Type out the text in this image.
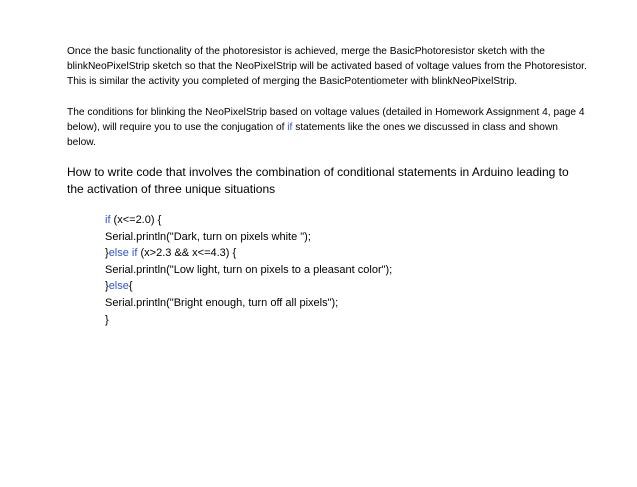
Once the basic functionality of the photoresistor is achieved, merge the BasicPhotoresistor sketch with the blinkNeoPixelStrip sketch so that the NeoPixelStrip will be activated based of voltage values from the Photoresistor. This is similar the activity you completed of merging the BasicPotentiometer with blinkNeoPixelStrip.

The conditions for blinking the NeoPixelStrip based on voltage values (detailed in Homework Assignment 4, page 4 below), will require you to use the conjugation of if statements like the ones we discussed in class and shown below.

How to write code that involves the combination of conditional statements in Arduino leading to the activation of three unique situations

if (x<=2.0) {
Serial.println("Dark, turn on pixels white ");
}else if (x>2.3 && x<=4.3) {
Serial.println("Low light, turn on pixels to a pleasant color");
}else{
Serial.println("Bright enough, turn off all pixels");
}
